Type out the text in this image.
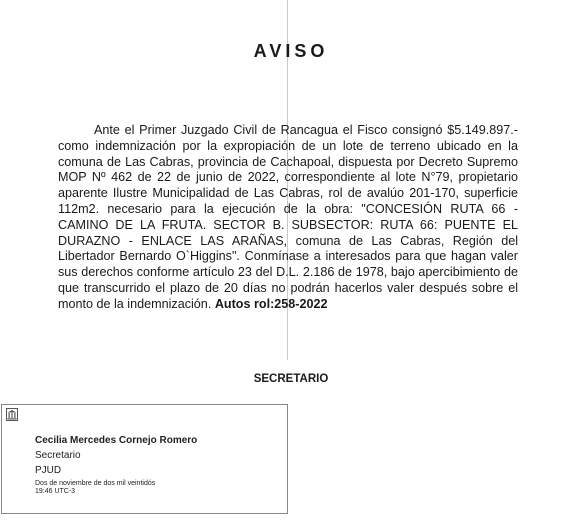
AVISO
Ante el Primer Juzgado Civil de Rancagua el Fisco consignó $5.149.897.- como indemnización por la expropiación de un lote de terreno ubicado en la comuna de Las Cabras, provincia de Cachapoal, dispuesta por Decreto Supremo MOP Nº 462 de 22 de junio de 2022, correspondiente al lote N°79, propietario aparente Ilustre Municipalidad de Las Cabras, rol de avalúo 201-170, superficie 112m2. necesario para la ejecución de la obra: "CONCESIÓN RUTA 66 - CAMINO DE LA FRUTA. SECTOR B. SUBSECTOR: RUTA 66: PUENTE EL DURAZNO - ENLACE LAS ARAÑAS, comuna de Las Cabras, Región del Libertador Bernardo O`Higgins". Conmínase a interesados para que hagan valer sus derechos conforme artículo 23 del D.L. 2.186 de 1978, bajo apercibimiento de que transcurrido el plazo de 20 días no podrán hacerlos valer después sobre el monto de la indemnización. Autos rol:258-2022
SECRETARIO
Cecilia Mercedes Cornejo Romero
Secretario
PJUD
Dos de noviembre de dos mil veintidós
19:46 UTC-3
